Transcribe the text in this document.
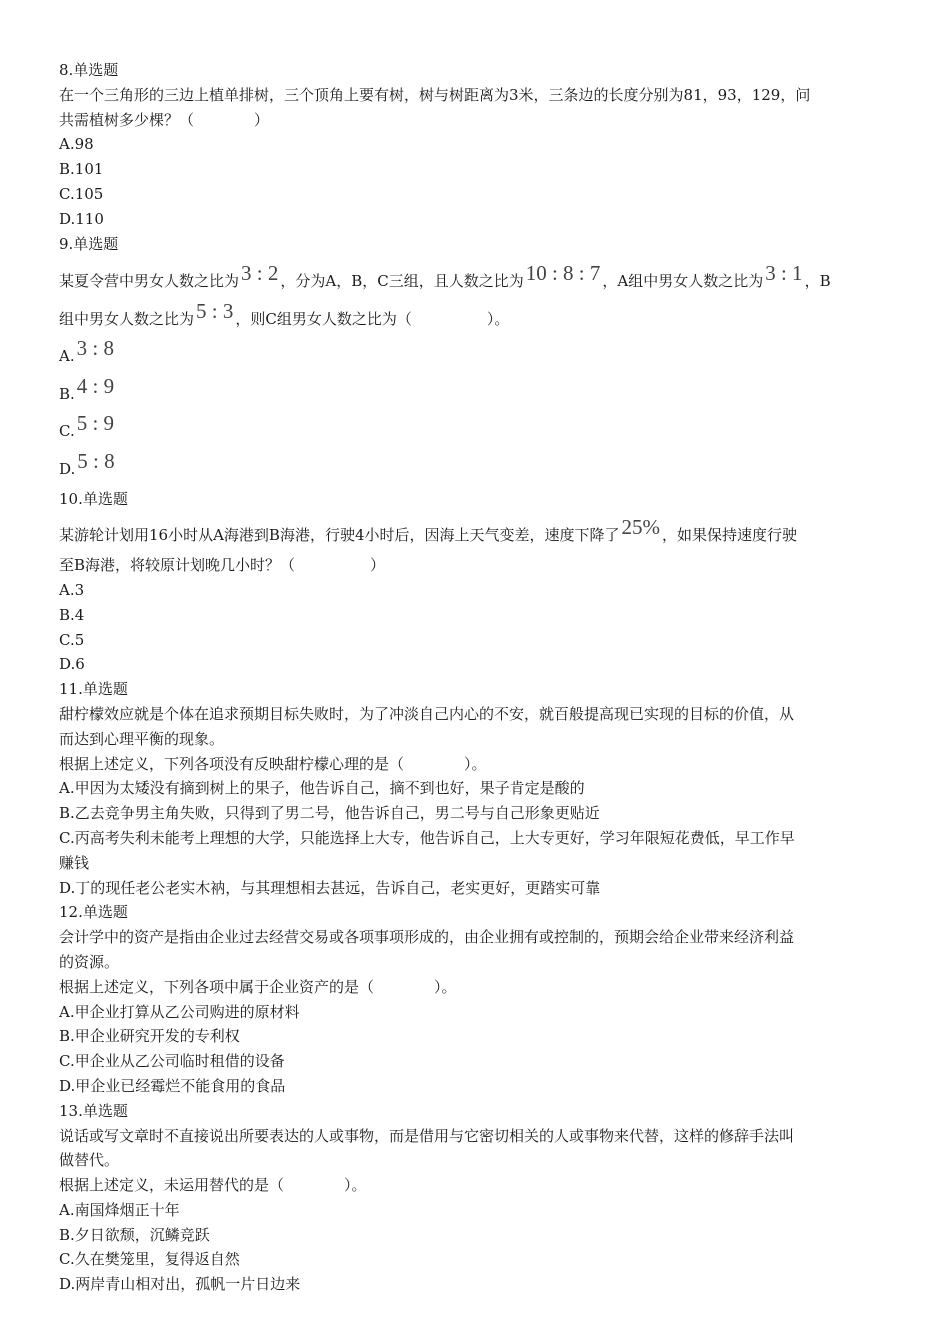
8.单选题
在一个三角形的三边上植单排树，三个顶角上要有树，树与树距离为3米，三条边的长度分别为81，93，129，问
共需植树多少棵？（　　　　）
A.98
B.101
C.105
D.110
9.单选题
某夏令营中男女人数之比为3 : 2 ，分为A，B，C三组，且人数之比为10 : 8 : 7 ，A组中男女人数之比为3 : 1 ，B
组中男女人数之比为5 : 3 ，则C组男女人数之比为（　　　　　）。
A.3 : 8
B.4 : 9
C.5 : 9
D.5 : 8
10.单选题
某游轮计划用16小时从A海港到B海港，行驶4小时后，因海上天气变差，速度下降了25% ，如果保持速度行驶
至B海港，将较原计划晚几小时？（　　　　　）
A.3
B.4
C.5
D.6
11.单选题
甜柠檬效应就是个体在追求预期目标失败时，为了冲淡自己内心的不安，就百般提高现已实现的目标的价值，从
而达到心理平衡的现象。
根据上述定义，下列各项没有反映甜柠檬心理的是（　　　　）。
A.甲因为太矮没有摘到树上的果子，他告诉自己，摘不到也好，果子肯定是酸的
B.乙去竞争男主角失败，只得到了男二号，他告诉自己，男二号与自己形象更贴近
C.丙高考失利未能考上理想的大学，只能选择上大专，他告诉自己，上大专更好，学习年限短花费低，早工作早
赚钱
D.丁的现任老公老实木衲，与其理想相去甚远，告诉自己，老实更好，更踏实可靠
12.单选题
会计学中的资产是指由企业过去经营交易或各项事项形成的，由企业拥有或控制的，预期会给企业带来经济利益
的资源。
根据上述定义，下列各项中属于企业资产的是（　　　　）。
A.甲企业打算从乙公司购进的原材料
B.甲企业研究开发的专利权
C.甲企业从乙公司临时租借的设备
D.甲企业已经霉烂不能食用的食品
13.单选题
说话或写文章时不直接说出所要表达的人或事物，而是借用与它密切相关的人或事物来代替，这样的修辞手法叫
做替代。
根据上述定义，未运用替代的是（　　　　）。
A.南国烽烟正十年
B.夕日欲颓，沉鳞竞跃
C.久在樊笼里，复得返自然
D.两岸青山相对出，孤帆一片日边来
